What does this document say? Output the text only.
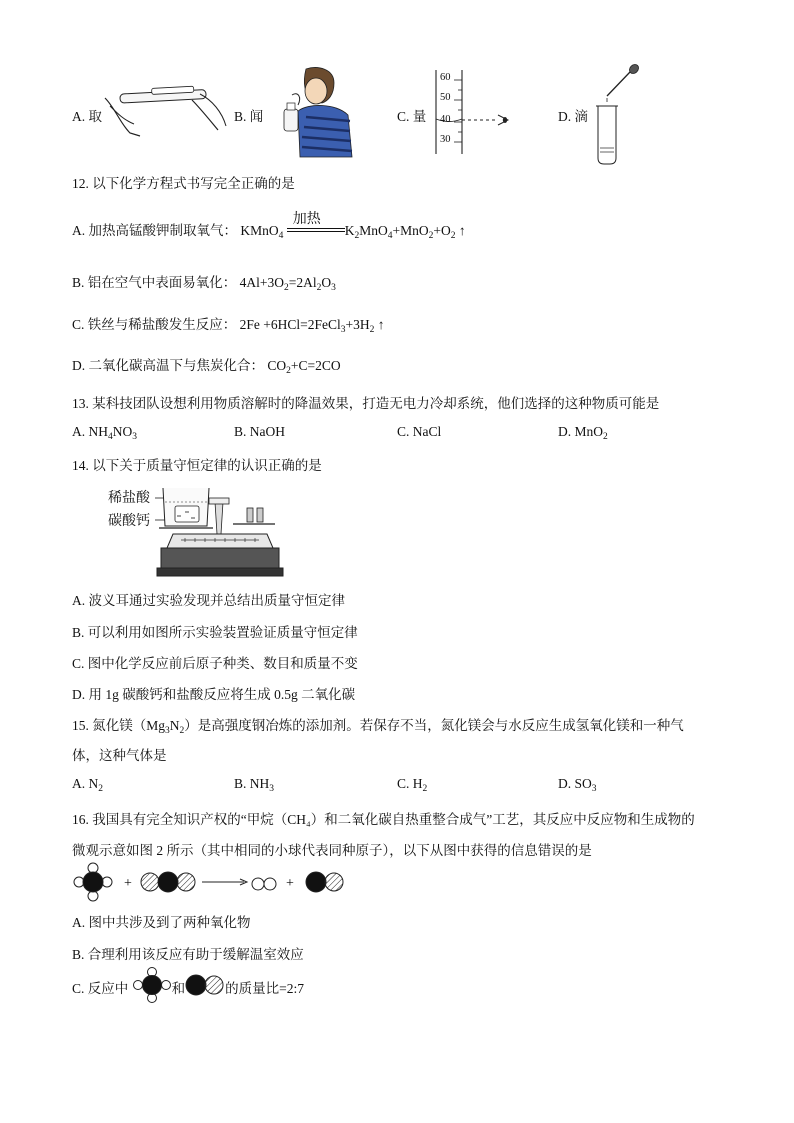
A. 取	B. 闻	C. 量
60
50
40
30
D. 滴
12. 以下化学方程式书写完全正确的是
A. 加热高锰酸钾制取氧气： KMnO$_4$
加热
$K_2MnO_4+MnO_2+O_2$ ↑
B. 铝在空气中表面易氧化： $4Al+3O_2=2Al_2O_3$
C. 铁丝与稀盐酸发生反应： $2Fe +6HCl=2FeCl_3+3H_2$ ↑
D. 二氧化碳高温下与焦炭化合： $CO_2+C=2CO$
13. 某科技团队设想利用物质溶解时的降温效果，打造无电力冷却系统，他们选择的这种物质可能是
A. $NH_4NO_3$	B. NaOH	C. NaCl	D. MnO$_2$
14. 以下关于质量守恒定律的认识正确的是
稀盐酸
碳酸钙
A. 波义耳通过实验发现并总结出质量守恒定律
B. 可以利用如图所示实验装置验证质量守恒定律
C. 图中化学反应前后原子种类、数目和质量不变
D. 用 1g 碳酸钙和盐酸反应将生成 0.5g 二氧化碳
15. 氮化镁$(Mg_3N_2)$是高强度钢冶炼的添加剂。若保存不当，氮化镁会与水反应生成氢氧化镁和一种气
体，这种气体是
A. $N_2$	B. $NH_3$	C. $H_2$	D. $SO_3$
16. 我国具有完全知识产权的“甲烷（CH₄）和二氧化碳自热重整合成气”工艺，其反应中反应物和生成物的
微观示意如图 2 所示（其中相同的小球代表同种原子），以下从图中获得的信息错误的是
+	+
A. 图中共涉及到了两种氧化物
B. 合理利用该反应有助于缓解温室效应
C. 反应中	和	的质量比=2:7
